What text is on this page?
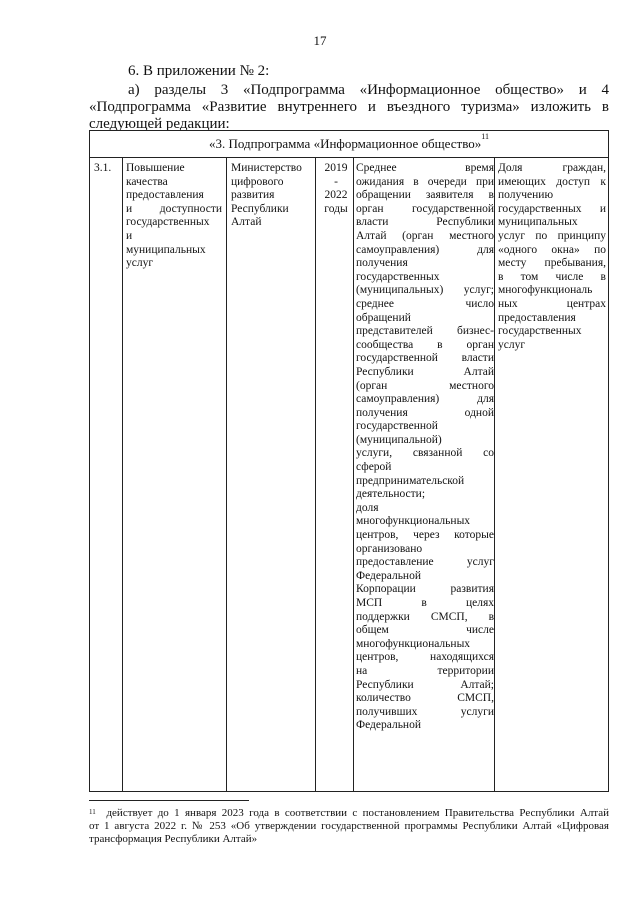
17
6. В приложении № 2:
а) разделы 3 «Подпрограмма «Информационное общество» и 4
«Подпрограмма «Развитие внутреннего и въездного туризма» изложить в
следующей редакции:
«3. Подпрограмма «Информационное общество»$^{11}$
3.1.	Повышение
качества
предоставления
и доступности
государственных
и
муниципальных
услуг
Министерство
цифрового
развития
Республики
Алтай
2019
-
2022
годы
Среднее время
ожидания в очереди при
обращении заявителя в
орган государственной
власти Республики
Алтай (орган местного
самоуправления) для
получения
государственных
(муниципальных) услуг;
среднее число
обращений
представителей бизнес-
сообщества в орган
государственной власти
Республики Алтай
(орган местного
самоуправления) для
получения одной
государственной
(муниципальной)
услуги, связанной со
сферой
предпринимательской
деятельности;
доля
многофункциональных
центров, через которые
организовано
предоставление услуг
Федеральной
Корпорации развития
МСП в целях
поддержки СМСП, в
общем числе
многофункциональных
центров, находящихся
на территории
Республики Алтай;
количество СМСП,
получивших услуги
Федеральной
Доля граждан,
имеющих доступ к
получению
государственных и
муниципальных
услуг по принципу
«одного окна» по
месту пребывания,
в том числе в
многофункциональ
ных центрах
предоставления
государственных
услуг
$^{11}$ действует до 1 января 2023 года в соответствии с постановлением Правительства Республики Алтай
от 1 августа 2022 г. № 253 «Об утверждении государственной программы Республики Алтай «Цифровая
трансформация Республики Алтай»
